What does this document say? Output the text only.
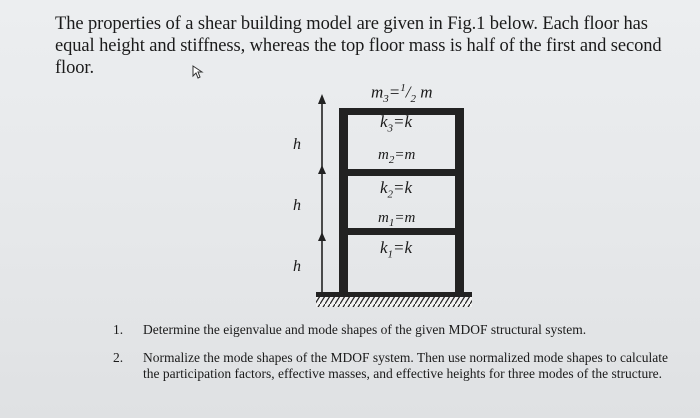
The properties of a shear building model are given in Fig.1 below. Each floor has equal height and stiffness, whereas the top floor mass is half of the first and second floor.
$m_3=^1/_2$ m
$k_3=k$
$m_2=m$
$k_2=k$
$m_1=m$
$k_1=k$
h
h
h
1. Determine the eigenvalue and mode shapes of the given MDOF structural system.
2. Normalize the mode shapes of the MDOF system. Then use normalized mode shapes to calculate the participation factors, effective masses, and effective heights for three modes of the structure.
